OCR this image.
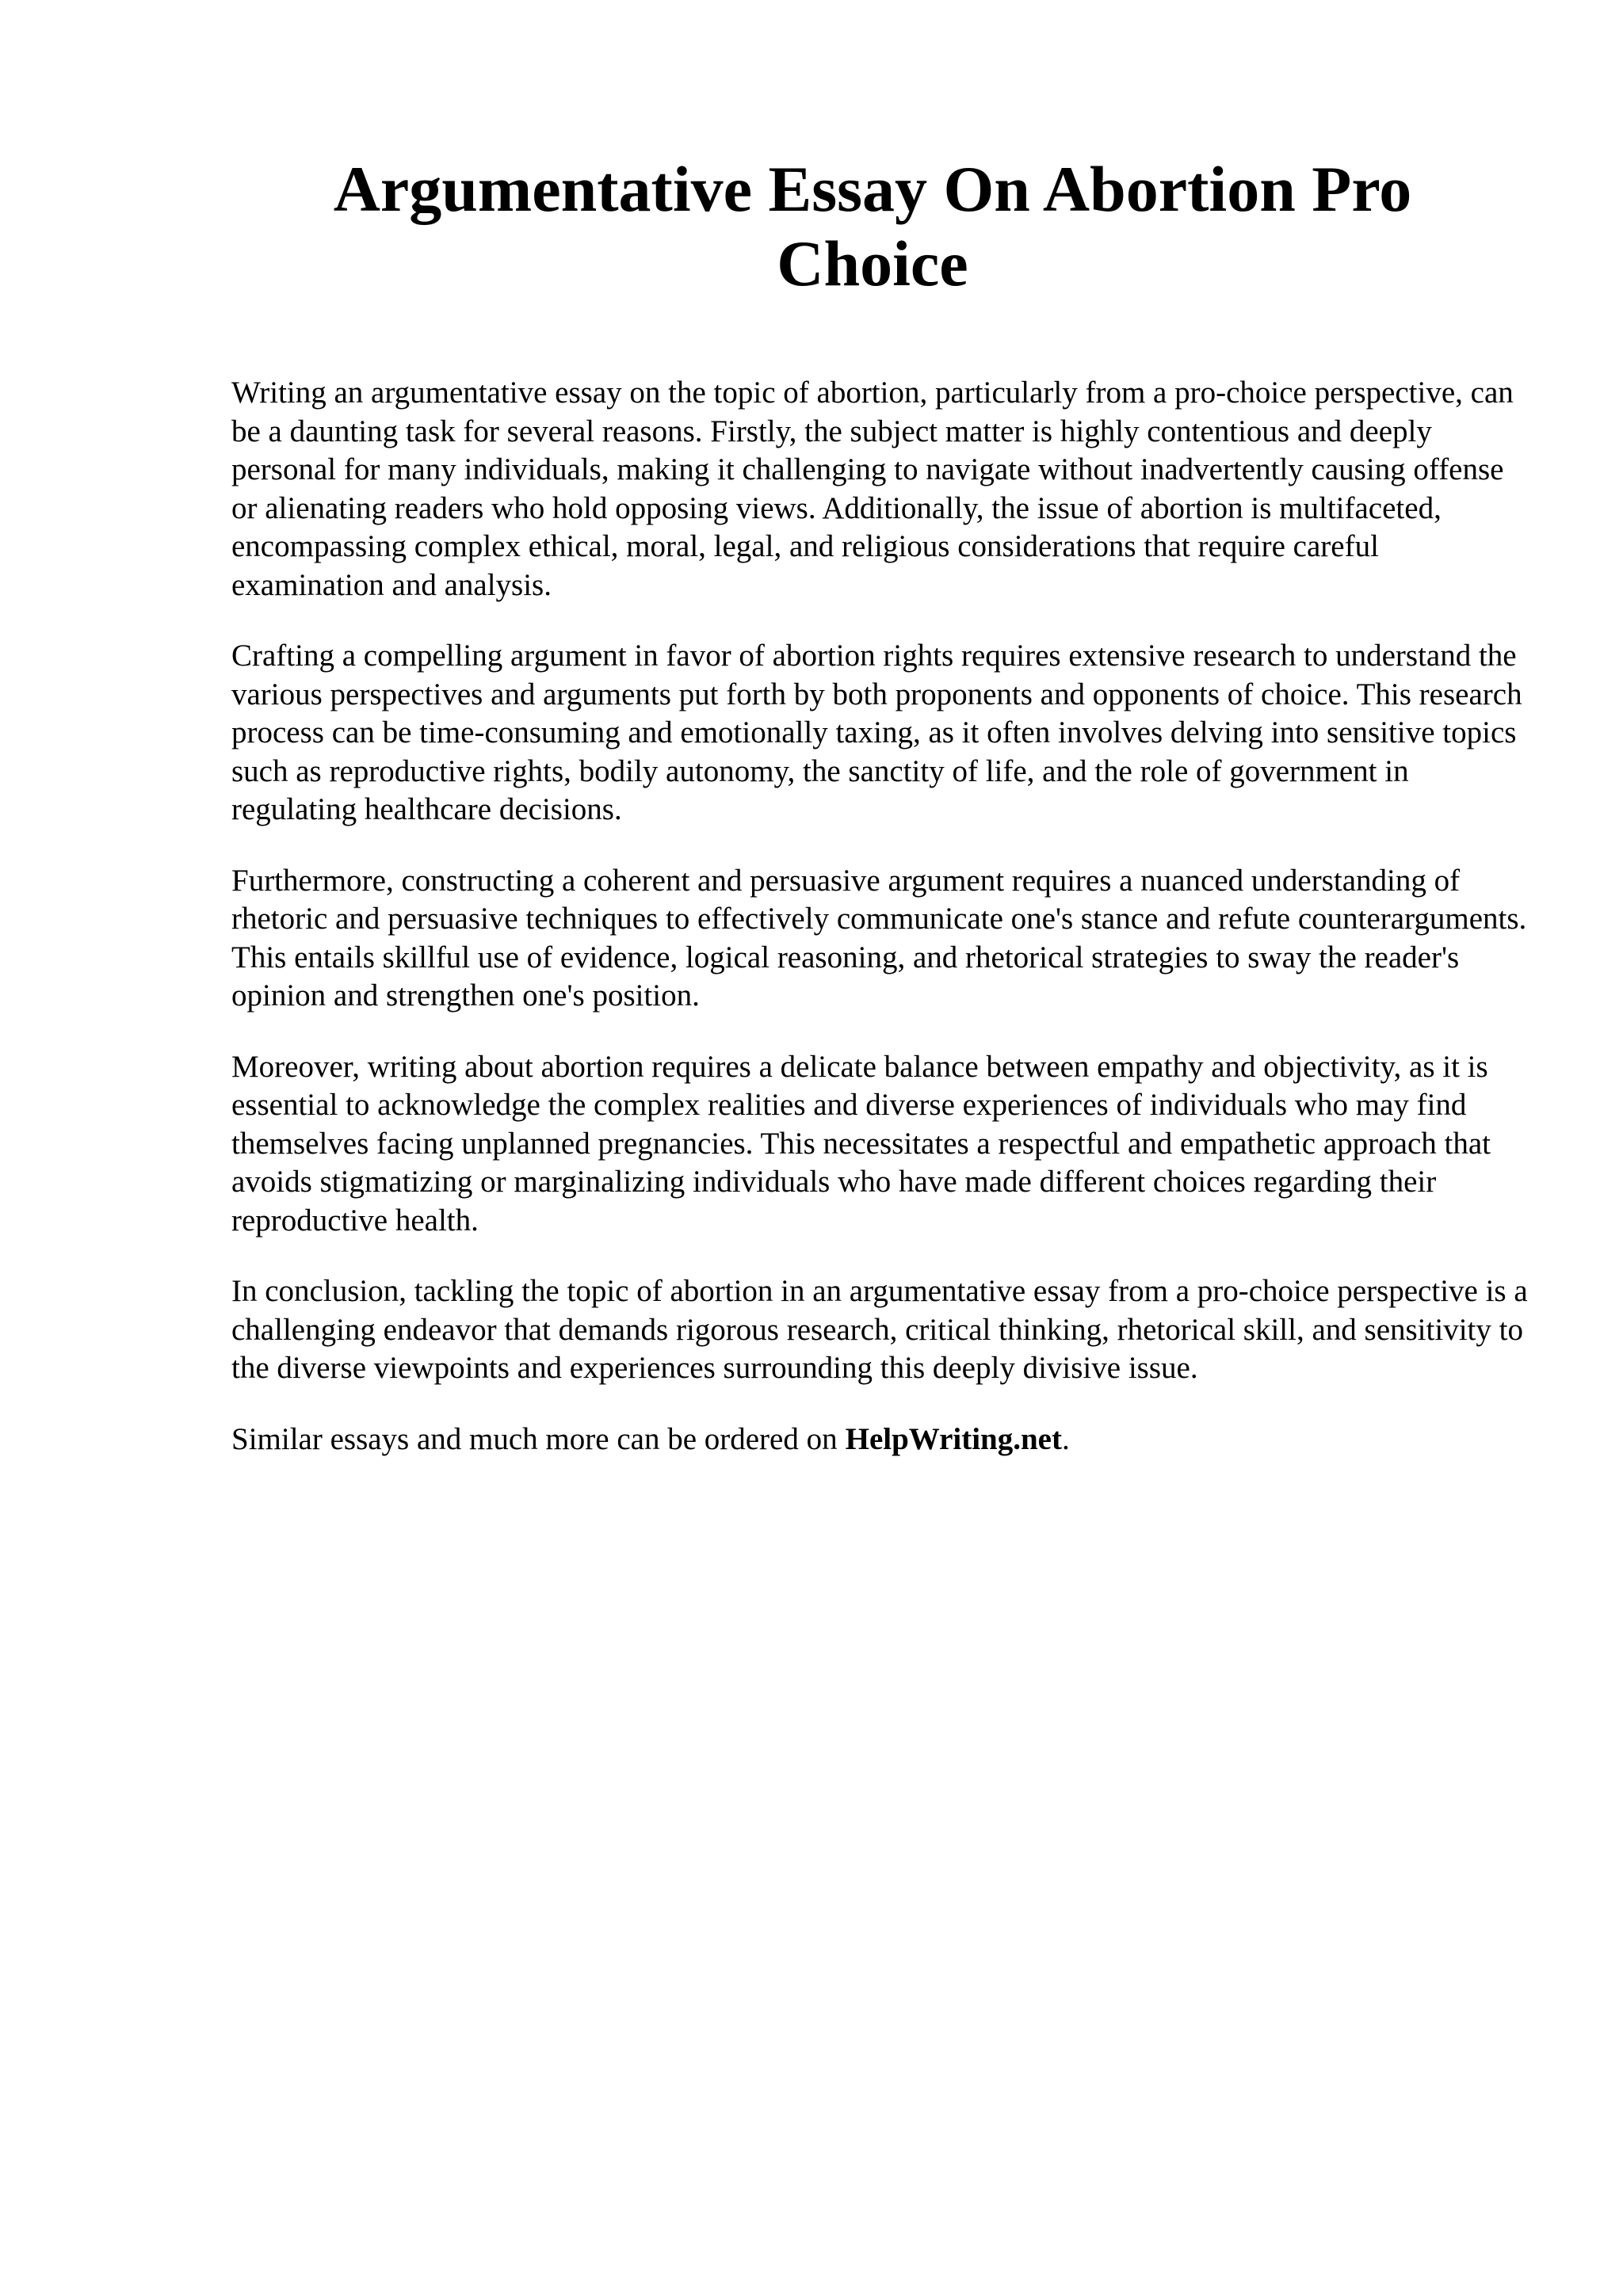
Argumentative Essay On Abortion Pro Choice

Writing an argumentative essay on the topic of abortion, particularly from a pro-choice perspective, can be a daunting task for several reasons. Firstly, the subject matter is highly contentious and deeply personal for many individuals, making it challenging to navigate without inadvertently causing offense or alienating readers who hold opposing views. Additionally, the issue of abortion is multifaceted, encompassing complex ethical, moral, legal, and religious considerations that require careful examination and analysis.

Crafting a compelling argument in favor of abortion rights requires extensive research to understand the various perspectives and arguments put forth by both proponents and opponents of choice. This research process can be time-consuming and emotionally taxing, as it often involves delving into sensitive topics such as reproductive rights, bodily autonomy, the sanctity of life, and the role of government in regulating healthcare decisions.

Furthermore, constructing a coherent and persuasive argument requires a nuanced understanding of rhetoric and persuasive techniques to effectively communicate one's stance and refute counterarguments. This entails skillful use of evidence, logical reasoning, and rhetorical strategies to sway the reader's opinion and strengthen one's position.

Moreover, writing about abortion requires a delicate balance between empathy and objectivity, as it is essential to acknowledge the complex realities and diverse experiences of individuals who may find themselves facing unplanned pregnancies. This necessitates a respectful and empathetic approach that avoids stigmatizing or marginalizing individuals who have made different choices regarding their reproductive health.

In conclusion, tackling the topic of abortion in an argumentative essay from a pro-choice perspective is a challenging endeavor that demands rigorous research, critical thinking, rhetorical skill, and sensitivity to the diverse viewpoints and experiences surrounding this deeply divisive issue.

Similar essays and much more can be ordered on HelpWriting.net.
